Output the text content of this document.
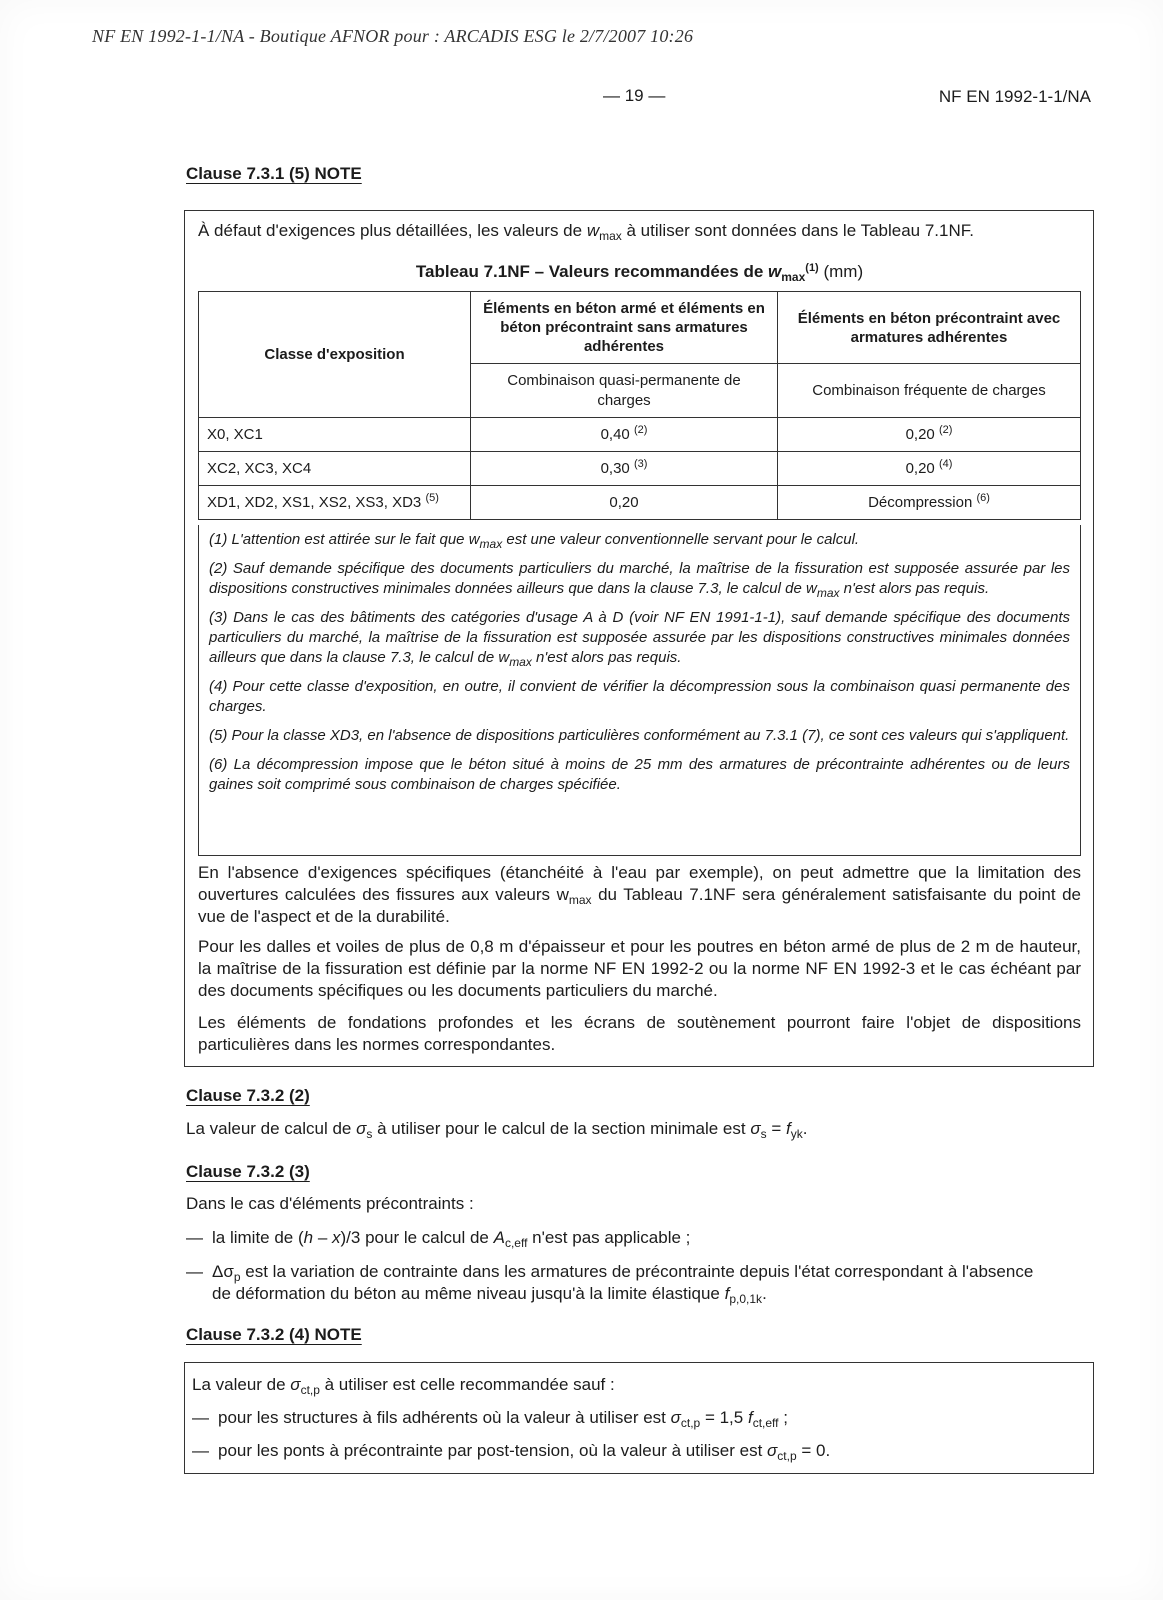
NF EN 1992-1-1/NA - Boutique AFNOR pour : ARCADIS ESG le 2/7/2007 10:26
— 19 —	NF EN 1992-1-1/NA
Clause 7.3.1 (5) NOTE
À défaut d'exigences plus détaillées, les valeurs de $w_{max}$ à utiliser sont données dans le Tableau 7.1NF.
Tableau 7.1NF – Valeurs recommandées de $w_{max}^{(1)}$ (mm)
Classe d'exposition	Éléments en béton armé et éléments en béton précontraint sans armatures adhérentes	Éléments en béton précontraint avec armatures adhérentes
	Combinaison quasi-permanente de charges	Combinaison fréquente de charges
X0, XC1	0,40 $^{(2)}$	0,20 $^{(2)}$
XC2, XC3, XC4	0,30 $^{(3)}$	0,20 $^{(4)}$
XD1, XD2, XS1, XS2, XS3, XD3 $^{(5)}$	0,20	Décompression $^{(6)}$
(1) L'attention est attirée sur le fait que $w_{max}$ est une valeur conventionnelle servant pour le calcul.
(2) Sauf demande spécifique des documents particuliers du marché, la maîtrise de la fissuration est supposée assurée par les dispositions constructives minimales données ailleurs que dans la clause 7.3, le calcul de $w_{max}$ n'est alors pas requis.
(3) Dans le cas des bâtiments des catégories d'usage A à D (voir NF EN 1991-1-1), sauf demande spécifique des documents particuliers du marché, la maîtrise de la fissuration est supposée assurée par les dispositions constructives minimales données ailleurs que dans la clause 7.3, le calcul de $w_{max}$ n'est alors pas requis.
(4) Pour cette classe d'exposition, en outre, il convient de vérifier la décompression sous la combinaison quasi permanente des charges.
(5) Pour la classe XD3, en l'absence de dispositions particulières conformément au 7.3.1 (7), ce sont ces valeurs qui s'appliquent.
(6) La décompression impose que le béton situé à moins de 25 mm des armatures de précontrainte adhérentes ou de leurs gaines soit comprimé sous combinaison de charges spécifiée.
En l'absence d'exigences spécifiques (étanchéité à l'eau par exemple), on peut admettre que la limitation des ouvertures calculées des fissures aux valeurs $w_{max}$ du Tableau 7.1NF sera généralement satisfaisante du point de vue de l'aspect et de la durabilité.
Pour les dalles et voiles de plus de 0,8 m d'épaisseur et pour les poutres en béton armé de plus de 2 m de hauteur, la maîtrise de la fissuration est définie par la norme NF EN 1992-2 ou la norme NF EN 1992-3 et le cas échéant par des documents spécifiques ou les documents particuliers du marché.
Les éléments de fondations profondes et les écrans de soutènement pourront faire l'objet de dispositions particulières dans les normes correspondantes.
Clause 7.3.2 (2)
La valeur de calcul de $\sigma_s$ à utiliser pour le calcul de la section minimale est $\sigma_s = f_{yk}$.
Clause 7.3.2 (3)
Dans le cas d'éléments précontraints :
— la limite de (h – x)/3 pour le calcul de $A_{c,eff}$ n'est pas applicable ;
— $\Delta\sigma_p$ est la variation de contrainte dans les armatures de précontrainte depuis l'état correspondant à l'absence
de déformation du béton au même niveau jusqu'à la limite élastique $f_{p,0,1k}$.
Clause 7.3.2 (4) NOTE
La valeur de $\sigma_{ct,p}$ à utiliser est celle recommandée sauf :
— pour les structures à fils adhérents où la valeur à utiliser est $\sigma_{ct,p} = 1,5$ $f_{ct,eff}$ ;
— pour les ponts à précontrainte par post-tension, où la valeur à utiliser est $\sigma_{ct,p} = 0$.
